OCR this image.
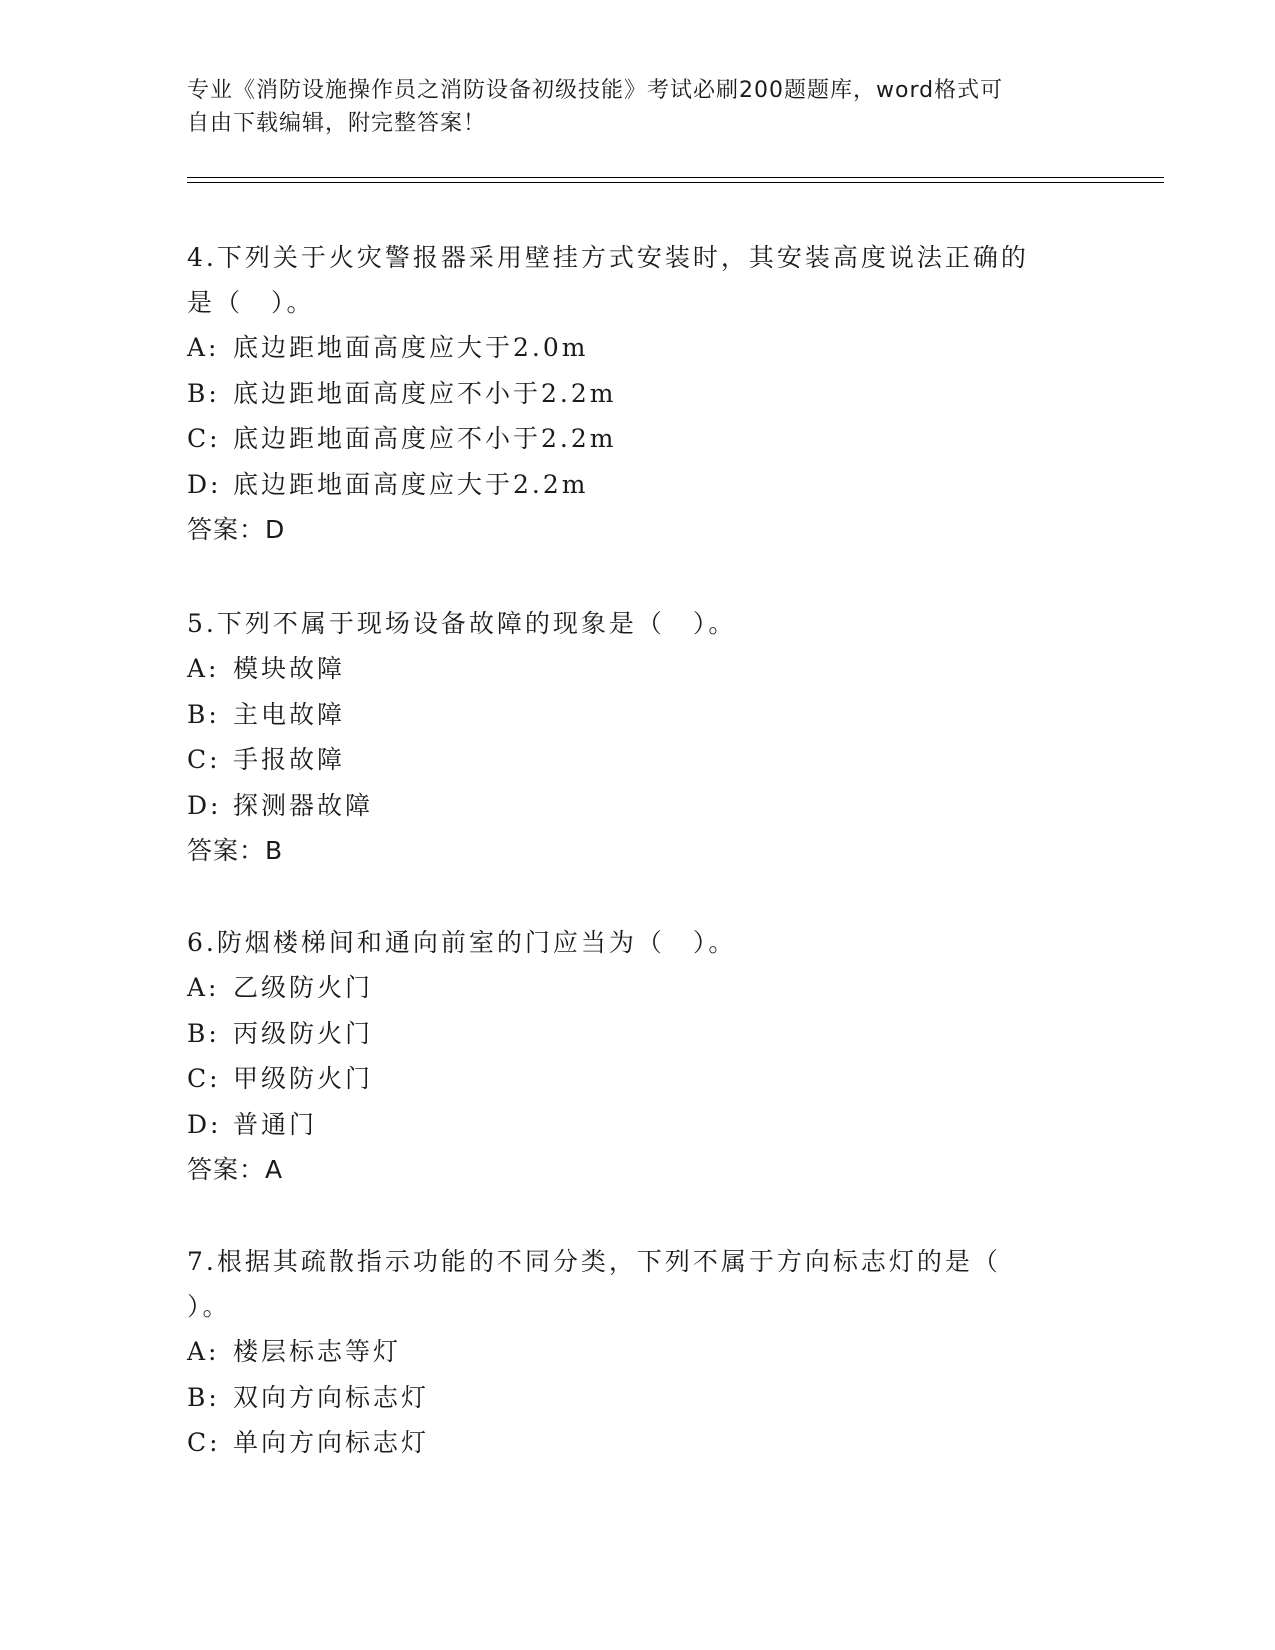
专业《消防设施操作员之消防设备初级技能》考试必刷200题题库，word格式可
自由下载编辑，附完整答案！

4.下列关于火灾警报器采用壁挂方式安装时，其安装高度说法正确的
是（　）。

A: 底边距地面高度应大于2.0m

B: 底边距地面高度应不小于2.2m

C: 底边距地面高度应不小于2.2m

D: 底边距地面高度应大于2.2m

答案：D

5.下列不属于现场设备故障的现象是（　）。

A: 模块故障

B: 主电故障

C: 手报故障

D: 探测器故障

答案：B

6.防烟楼梯间和通向前室的门应当为（　）。

A: 乙级防火门

B: 丙级防火门

C: 甲级防火门

D: 普通门

答案：A

7.根据其疏散指示功能的不同分类，下列不属于方向标志灯的是（
）。

A: 楼层标志等灯

B: 双向方向标志灯

C: 单向方向标志灯
